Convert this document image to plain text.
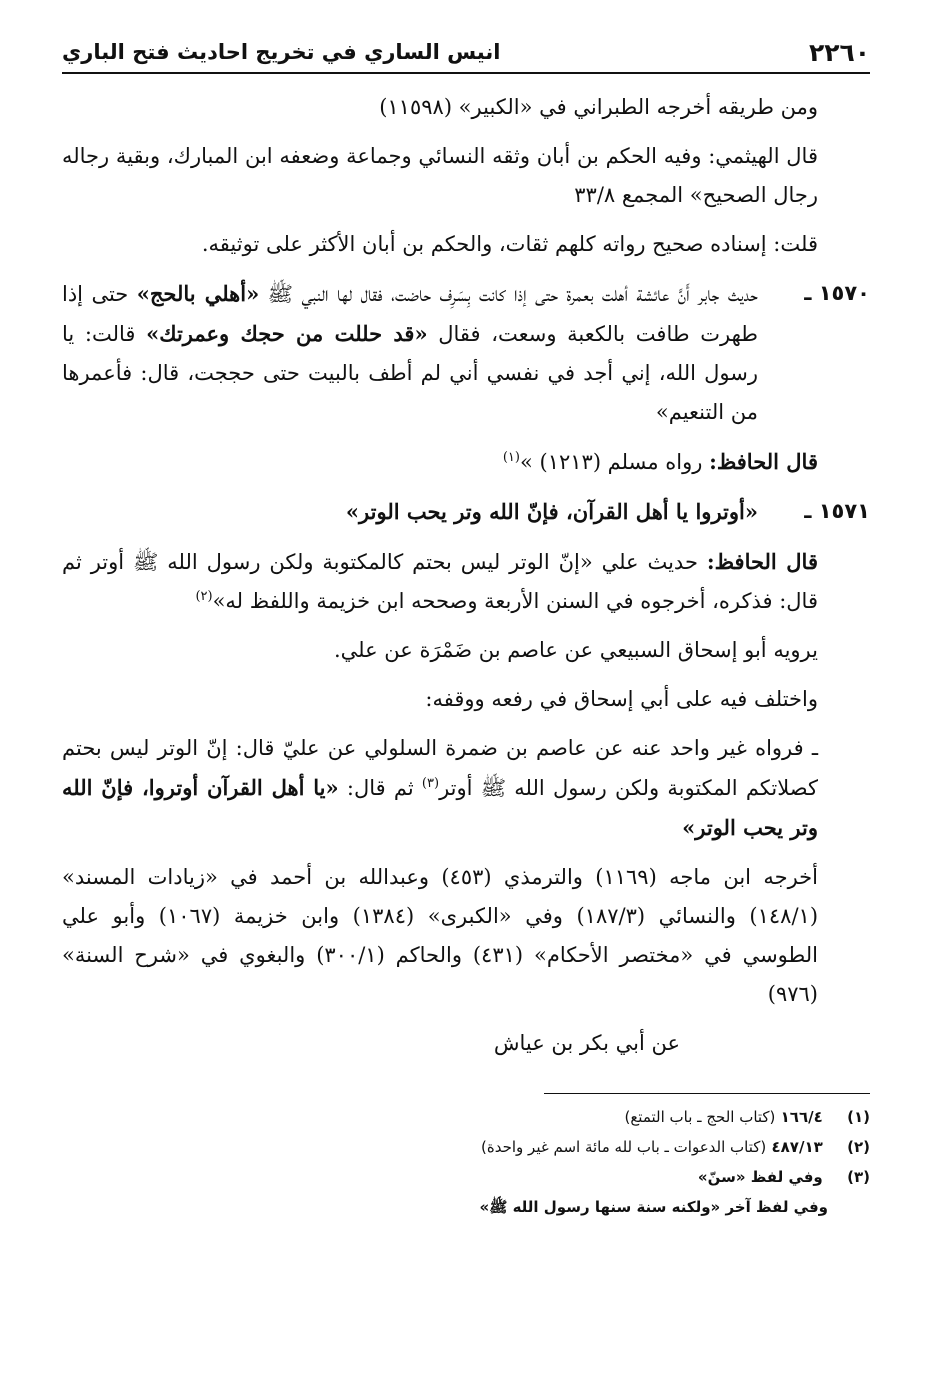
٢٢٦٠
انيس الساري في تخريج احاديث فتح الباري

ومن طريقه أخرجه الطبراني في «الكبير» (١١٥٩٨)

قال الهيثمي: وفيه الحكم بن أبان وثقه النسائي وجماعة وضعفه ابن المبارك، وبقية رجاله رجال الصحيح» المجمع ٣٣/٨

قلت: إسناده صحيح رواته كلهم ثقات، والحكم بن أبان الأكثر على توثيقه.

١٥٧٠ ـ
حديث جابر أَنَّ عائشة أهلت بعمرة حتى إذا كانت بِسَرِف حاضت، فقال لها النبي ﷺ «أهلي بالحج» حتى إذا طهرت طافت بالكعبة وسعت، فقال «قد حللت من حجك وعمرتك» قالت: يا رسول الله، إني أجد في نفسي أني لم أطف بالبيت حتى حججت، قال: فأعمرها من التنعيم»

قال الحافظ: رواه مسلم (١٢١٣) »$^{(١)}$

١٥٧١ ـ
«أوتروا يا أهل القرآن، فإنّ الله وتر يحب الوتر»

قال الحافظ: حديث علي «إنّ الوتر ليس بحتم كالمكتوبة ولكن رسول الله ﷺ أوتر ثم قال: فذكره، أخرجوه في السنن الأربعة وصححه ابن خزيمة واللفظ له»$^{(٢)}$

يرويه أبو إسحاق السبيعي عن عاصم بن ضَمْرَة عن علي.

واختلف فيه على أبي إسحاق في رفعه ووقفه:

ـ فرواه غير واحد عنه عن عاصم بن ضمرة السلولي عن عليّ قال: إنّ الوتر ليس بحتم كصلاتكم المكتوبة ولكن رسول الله ﷺ أوتر$^{(٣)}$ ثم قال: «يا أهل القرآن أوتروا، فإنّ الله وتر يحب الوتر»

أخرجه ابن ماجه (١١٦٩) والترمذي (٤٥٣) وعبدالله بن أحمد في «زيادات المسند» (١٤٨/١) والنسائي (١٨٧/٣) وفي «الكبرى» (١٣٨٤) وابن خزيمة (١٠٦٧) وأبو علي الطوسي في «مختصر الأحكام» (٤٣١) والحاكم (٣٠٠/١) والبغوي في «شرح السنة» (٩٧٦)

عن أبي بكر بن عياش

(١) ١٦٦/٤ (كتاب الحج ـ باب التمتع)
(٢) ٤٨٧/١٣ (كتاب الدعوات ـ باب لله مائة اسم غير واحدة)
(٣) وفي لفظ «سنّ»
وفي لفظ آخر «ولكنه سنة سنها رسول الله ﷺ»
